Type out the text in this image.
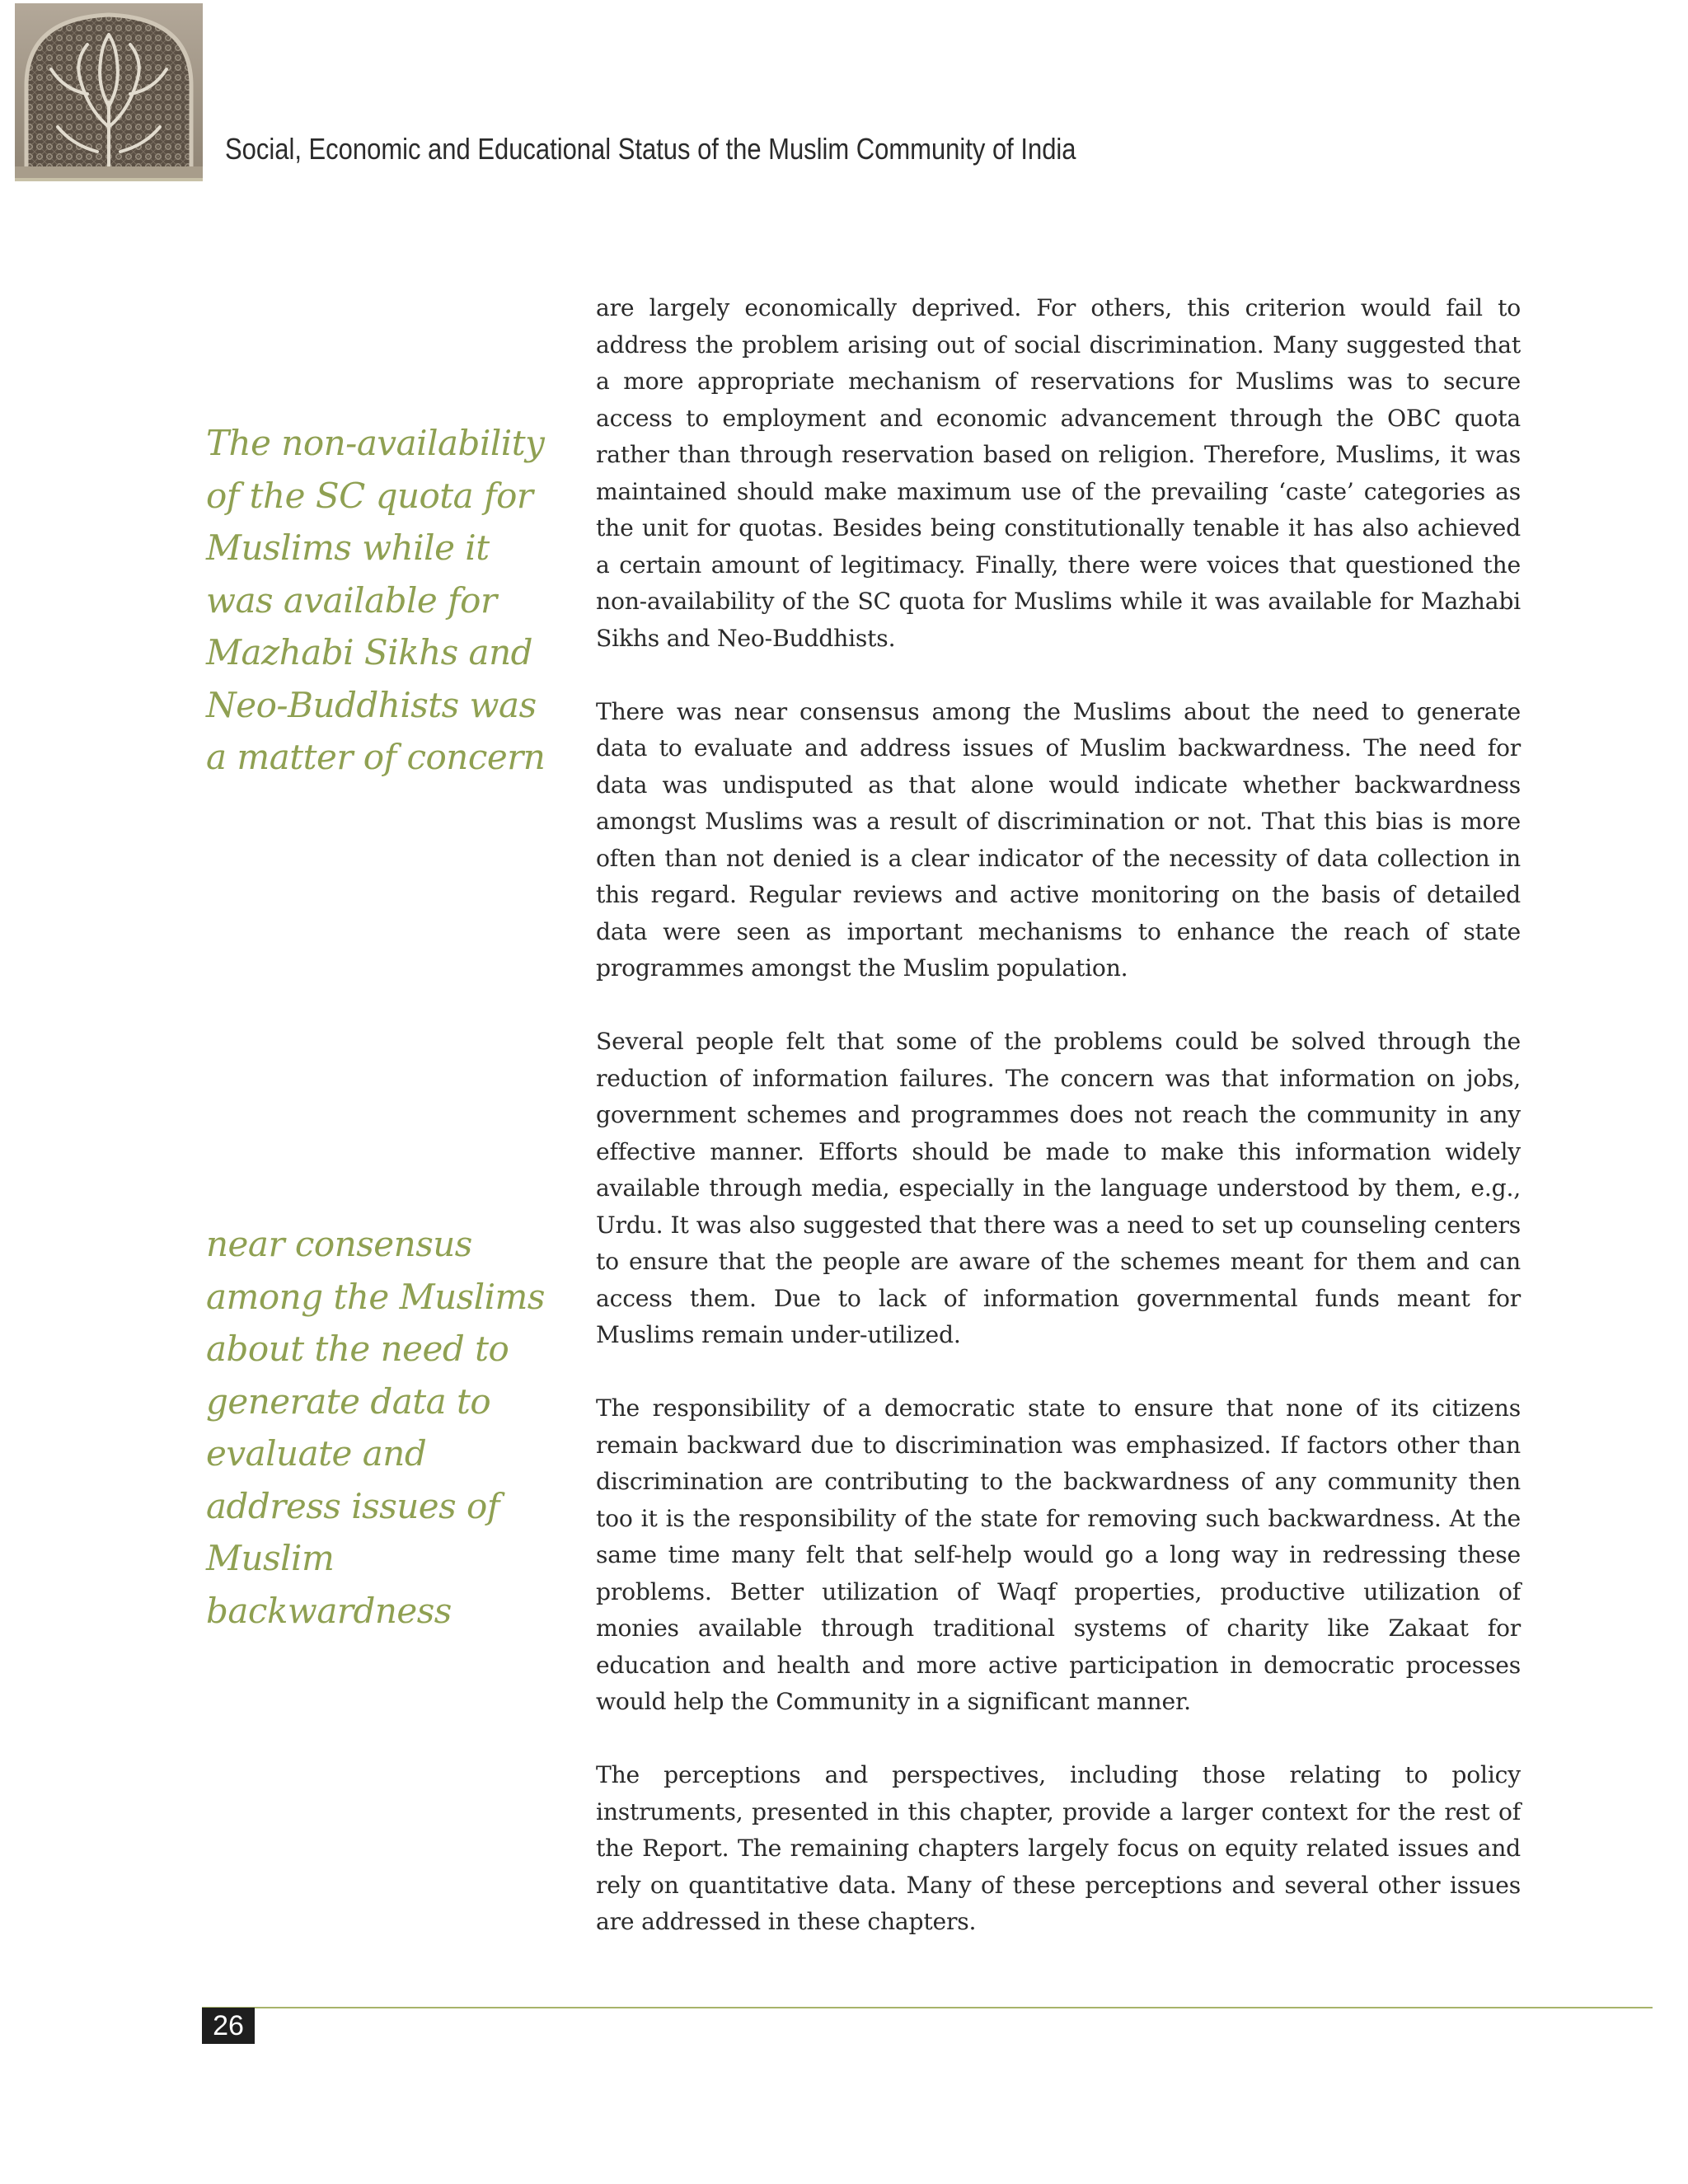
Social, Economic and Educational Status of the Muslim Community of India
The non-availability
of the SC quota for
Muslims while it
was available for
Mazhabi Sikhs and
Neo-Buddhists was
a matter of concern
near consensus
among the Muslims
about the need to
generate data to
evaluate and
address issues of
Muslim
backwardness

are largely economically deprived. For others, this criterion would fail to address the problem arising out of social discrimination. Many suggested that a more appropriate mechanism of reservations for Muslims was to secure access to employment and economic advancement through the OBC quota rather than through reservation based on religion. Therefore, Muslims, it was maintained should make maximum use of the prevailing ‘caste’ categories as the unit for quotas. Besides being constitutionally tenable it has also achieved a certain amount of legitimacy. Finally, there were voices that questioned the non-availability of the SC quota for Muslims while it was available for Mazhabi Sikhs and Neo-Buddhists.

There was near consensus among the Muslims about the need to generate data to evaluate and address issues of Muslim backwardness. The need for data was undisputed as that alone would indicate whether backwardness amongst Muslims was a result of discrimination or not. That this bias is more often than not denied is a clear indicator of the necessity of data collection in this regard. Regular reviews and active monitoring on the basis of detailed data were seen as important mechanisms to enhance the reach of state programmes amongst the Muslim population.

Several people felt that some of the problems could be solved through the reduction of information failures. The concern was that information on jobs, government schemes and programmes does not reach the community in any effective manner. Efforts should be made to make this information widely available through media, especially in the language understood by them, e.g., Urdu. It was also suggested that there was a need to set up counseling centers to ensure that the people are aware of the schemes meant for them and can access them. Due to lack of information governmental funds meant for Muslims remain under-utilized.

The responsibility of a democratic state to ensure that none of its citizens remain backward due to discrimination was emphasized. If factors other than discrimination are contributing to the backwardness of any community then too it is the responsibility of the state for removing such backwardness. At the same time many felt that self-help would go a long way in redressing these problems. Better utilization of Waqf properties, productive utilization of monies available through traditional systems of charity like Zakaat for education and health and more active participation in democratic processes would help the Community in a significant manner.

The perceptions and perspectives, including those relating to policy instruments, presented in this chapter, provide a larger context for the rest of the Report. The remaining chapters largely focus on equity related issues and rely on quantitative data. Many of these perceptions and several other issues are addressed in these chapters.

26
